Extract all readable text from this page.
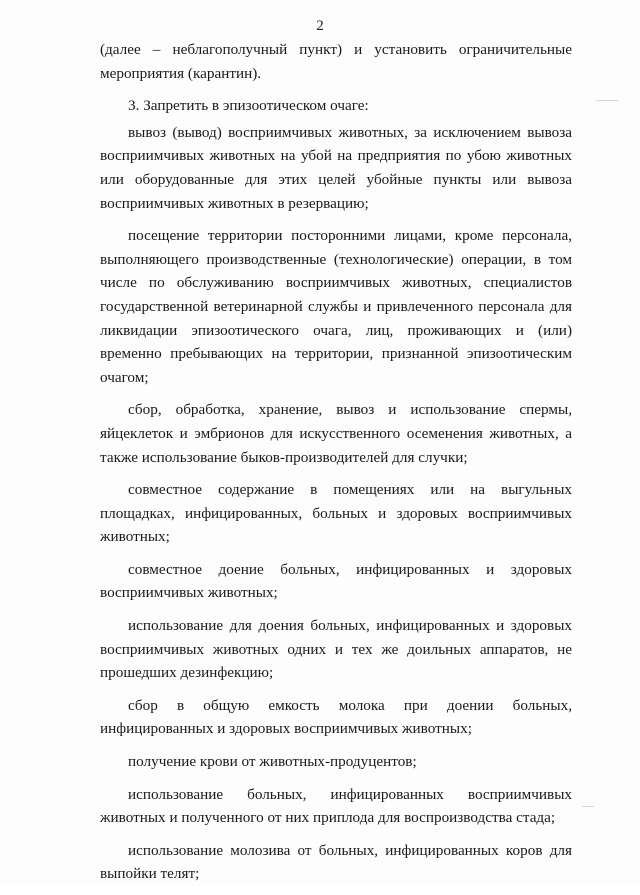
2

(далее – неблагополучный пункт) и установить ограничительные мероприятия (карантин).

3. Запретить в эпизоотическом очаге:

вывоз (вывод) восприимчивых животных, за исключением вывоза восприимчивых животных на убой на предприятия по убою животных или оборудованные для этих целей убойные пункты или вывоза восприимчивых животных в резервацию;

посещение территории посторонними лицами, кроме персонала, выполняющего производственные (технологические) операции, в том числе по обслуживанию восприимчивых животных, специалистов государственной ветеринарной службы и привлеченного персонала для ликвидации эпизоотического очага, лиц, проживающих и (или) временно пребывающих на территории, признанной эпизоотическим очагом;

сбор, обработка, хранение, вывоз и использование спермы, яйцеклеток и эмбрионов для искусственного осеменения животных, а также использование быков-производителей для случки;

совместное содержание в помещениях или на выгульных площадках, инфицированных, больных и здоровых восприимчивых животных;

совместное доение больных, инфицированных и здоровых восприимчивых животных;

использование для доения больных, инфицированных и здоровых восприимчивых животных одних и тех же доильных аппаратов, не прошедших дезинфекцию;

сбор в общую емкость молока при доении больных, инфицированных и здоровых восприимчивых животных;

получение крови от животных-продуцентов;

использование больных, инфицированных восприимчивых животных и полученного от них приплода для воспроизводства стада;

использование молозива от больных, инфицированных коров для выпойки телят;
